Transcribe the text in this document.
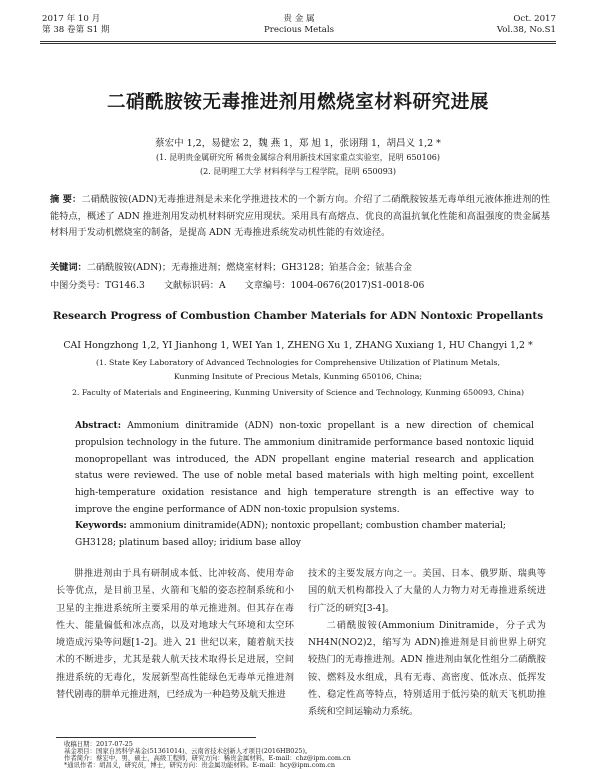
2017 年 10 月
第 38 卷第 S1 期
贵 金 属
Precious Metals
Oct. 2017
Vol.38, No.S1
二硝酰胺铵无毒推进剂用燃烧室材料研究进展
蔡宏中 1,2，易健宏 2，魏 燕 1，郑 旭 1，张诩翔 1，胡昌义 1,2 *
(1. 昆明贵金属研究所 稀贵金属综合利用新技术国家重点实验室，昆明 650106)
(2. 昆明理工大学 材料科学与工程学院，昆明 650093)
摘 要：二硝酰胺铵(ADN)无毒推进剂是未来化学推进技术的一个新方向。介绍了二硝酰胺铵基无毒单组元液体推进剂的性能特点，概述了 ADN 推进剂用发动机材料研究应用现状。采用具有高熔点、优良的高温抗氧化性能和高温强度的贵金属基材料用于发动机燃烧室的制备，是提高 ADN 无毒推进系统发动机性能的有效途径。
关键词：二硝酰胺铵(ADN)；无毒推进剂；燃烧室材料；GH3128；铂基合金；铱基合金
中图分类号：TG146.3 文献标识码：A 文章编号：1004-0676(2017)S1-0018-06
Research Progress of Combustion Chamber Materials for ADN Nontoxic Propellants
CAI Hongzhong 1,2, YI Jianhong 1, WEI Yan 1, ZHENG Xu 1, ZHANG Xuxiang 1, HU Changyi 1,2 *
(1. State Key Laboratory of Advanced Technologies for Comprehensive Utilization of Platinum Metals,
Kunming Insitute of Precious Metals, Kunming 650106, China;
2. Faculty of Materials and Engineering, Kunming University of Science and Technology, Kunming 650093, China)
Abstract: Ammonium dinitramide (ADN) non-toxic propellant is a new direction of chemical propulsion technology in the future. The ammonium dinitramide performance based nontoxic liquid monopropellant was introduced, the ADN propellant engine material research and application status were reviewed. The use of noble metal based materials with high melting point, excellent high-temperature oxidation resistance and high temperature strength is an effective way to improve the engine performance of ADN non-toxic propulsion systems.
Keywords: ammonium dinitramide(ADN); nontoxic propellant; combustion chamber material; GH3128; platinum based alloy; iridium base alloy

肼推进剂由于具有研制成本低、比冲较高、使用寿命长等优点，是目前卫星、火箭和飞船的姿态控制系统和小卫星的主推进系统所主要采用的单元推进剂。但其存在毒性大、能量偏低和冰点高，以及对地球大气环境和太空环境造成污染等问题[1-2]。进入 21 世纪以来，随着航天技术的不断进步，尤其是载人航天技术取得长足进展，空间推进系统的无毒化，发展新型高性能绿色无毒单元推进剂替代剧毒的肼单元推进剂，已经成为一种趋势及航天推进

技术的主要发展方向之一。美国、日本、俄罗斯、瑞典等国的航天机构都投入了大量的人力物力对无毒推进系统进行广泛的研究[3-4]。

二硝酰胺铵(Ammonium Dinitramide，分子式为 NH4N(NO2)2，缩写为 ADN)推进剂是目前世界上研究较热门的无毒推进剂。ADN 推进剂由氧化性组分二硝酰胺铵、燃料及水组成，具有无毒、高密度、低冰点、低挥发性、稳定性高等特点，特别适用于低污染的航天飞机助推系统和空间运输动力系统。

收稿日期：2017-07-25
基金项目：国家自然科学基金(51361014)、云南省技术创新人才项目(2016HB025)。
作者简介：蔡宏中，男，硕士，高级工程师，研究方向：稀贵金属材料。E-mail：chz@ipm.com.cn
*通讯作者：胡昌义，研究员，博士，研究方向：贵金属功能材料。E-mail：hcy@ipm.com.cn
